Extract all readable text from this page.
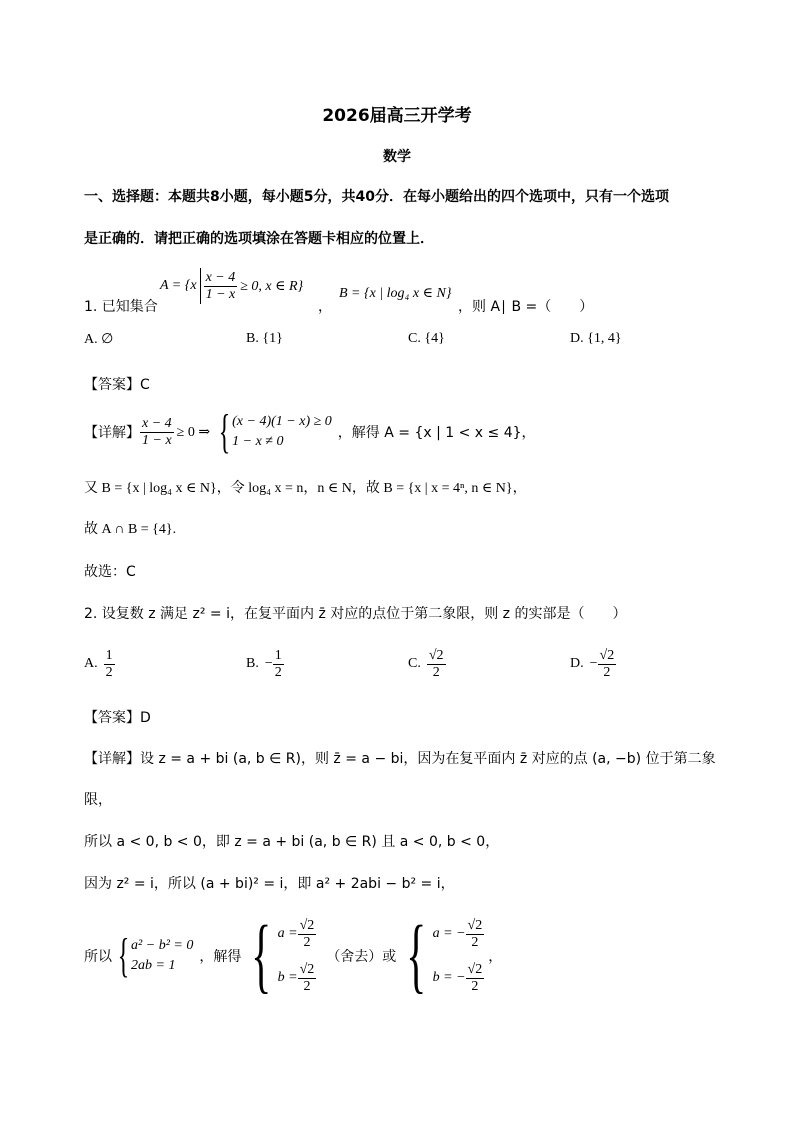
2026届高三开学考
数学
一、选择题：本题共8小题，每小题5分，共40分．在每小题给出的四个选项中，只有一个选项
是正确的．请把正确的选项填涂在答题卡相应的位置上．
1. 已知集合
$A = \{x \frac{x - 4}{1 - x} \ge 0$, x ∈ R}
，
B = {x | log₄ x ∈ N}
，则 A∣ B =（　　）
A. ∅	B. {1}	C. {4}	D. {1, 4}
【答案】C
【详解】 $\frac{x - 4}{1 - x} \ge 0$ ⇒ { (x − 4)(1 − x) ≥ 0
1 − x ≠ 0
，解得 A = {x | 1 < x ≤ 4}，
又 B = {x | log₄ x ∈ N}，令 log₄ x = n，n ∈ N，故 B = {x | x = 4ⁿ, n ∈ N}，
故 A ∩ B = {4}.
故选：C
2. 设复数 z 满足 z² = i，在复平面内 z̄ 对应的点位于第二象限，则 z 的实部是（　　）
A. $\frac{1}{2}$	B. − $\frac{1}{2}$	C. $\frac{√2}{2}$	D. − $\frac{√2}{2}$
【答案】D
【详解】设 z = a + bi (a, b ∈ R)，则 z̄ = a − bi，因为在复平面内 z̄ 对应的点 (a, −b) 位于第二象
限，
所以 a < 0, b < 0，即 z = a + bi (a, b ∈ R) 且 a < 0, b < 0，
因为 z² = i，所以 (a + bi)² = i，即 a² + 2abi − b² = i，
所以 { a² − b² = 0
2ab = 1
，解得 { $a = \frac{√2}{2}$
$b = \frac{√2}{2}$
（舍去）或 { a = − $\frac{√2}{2}$
b = − $\frac{√2}{2}$
，
